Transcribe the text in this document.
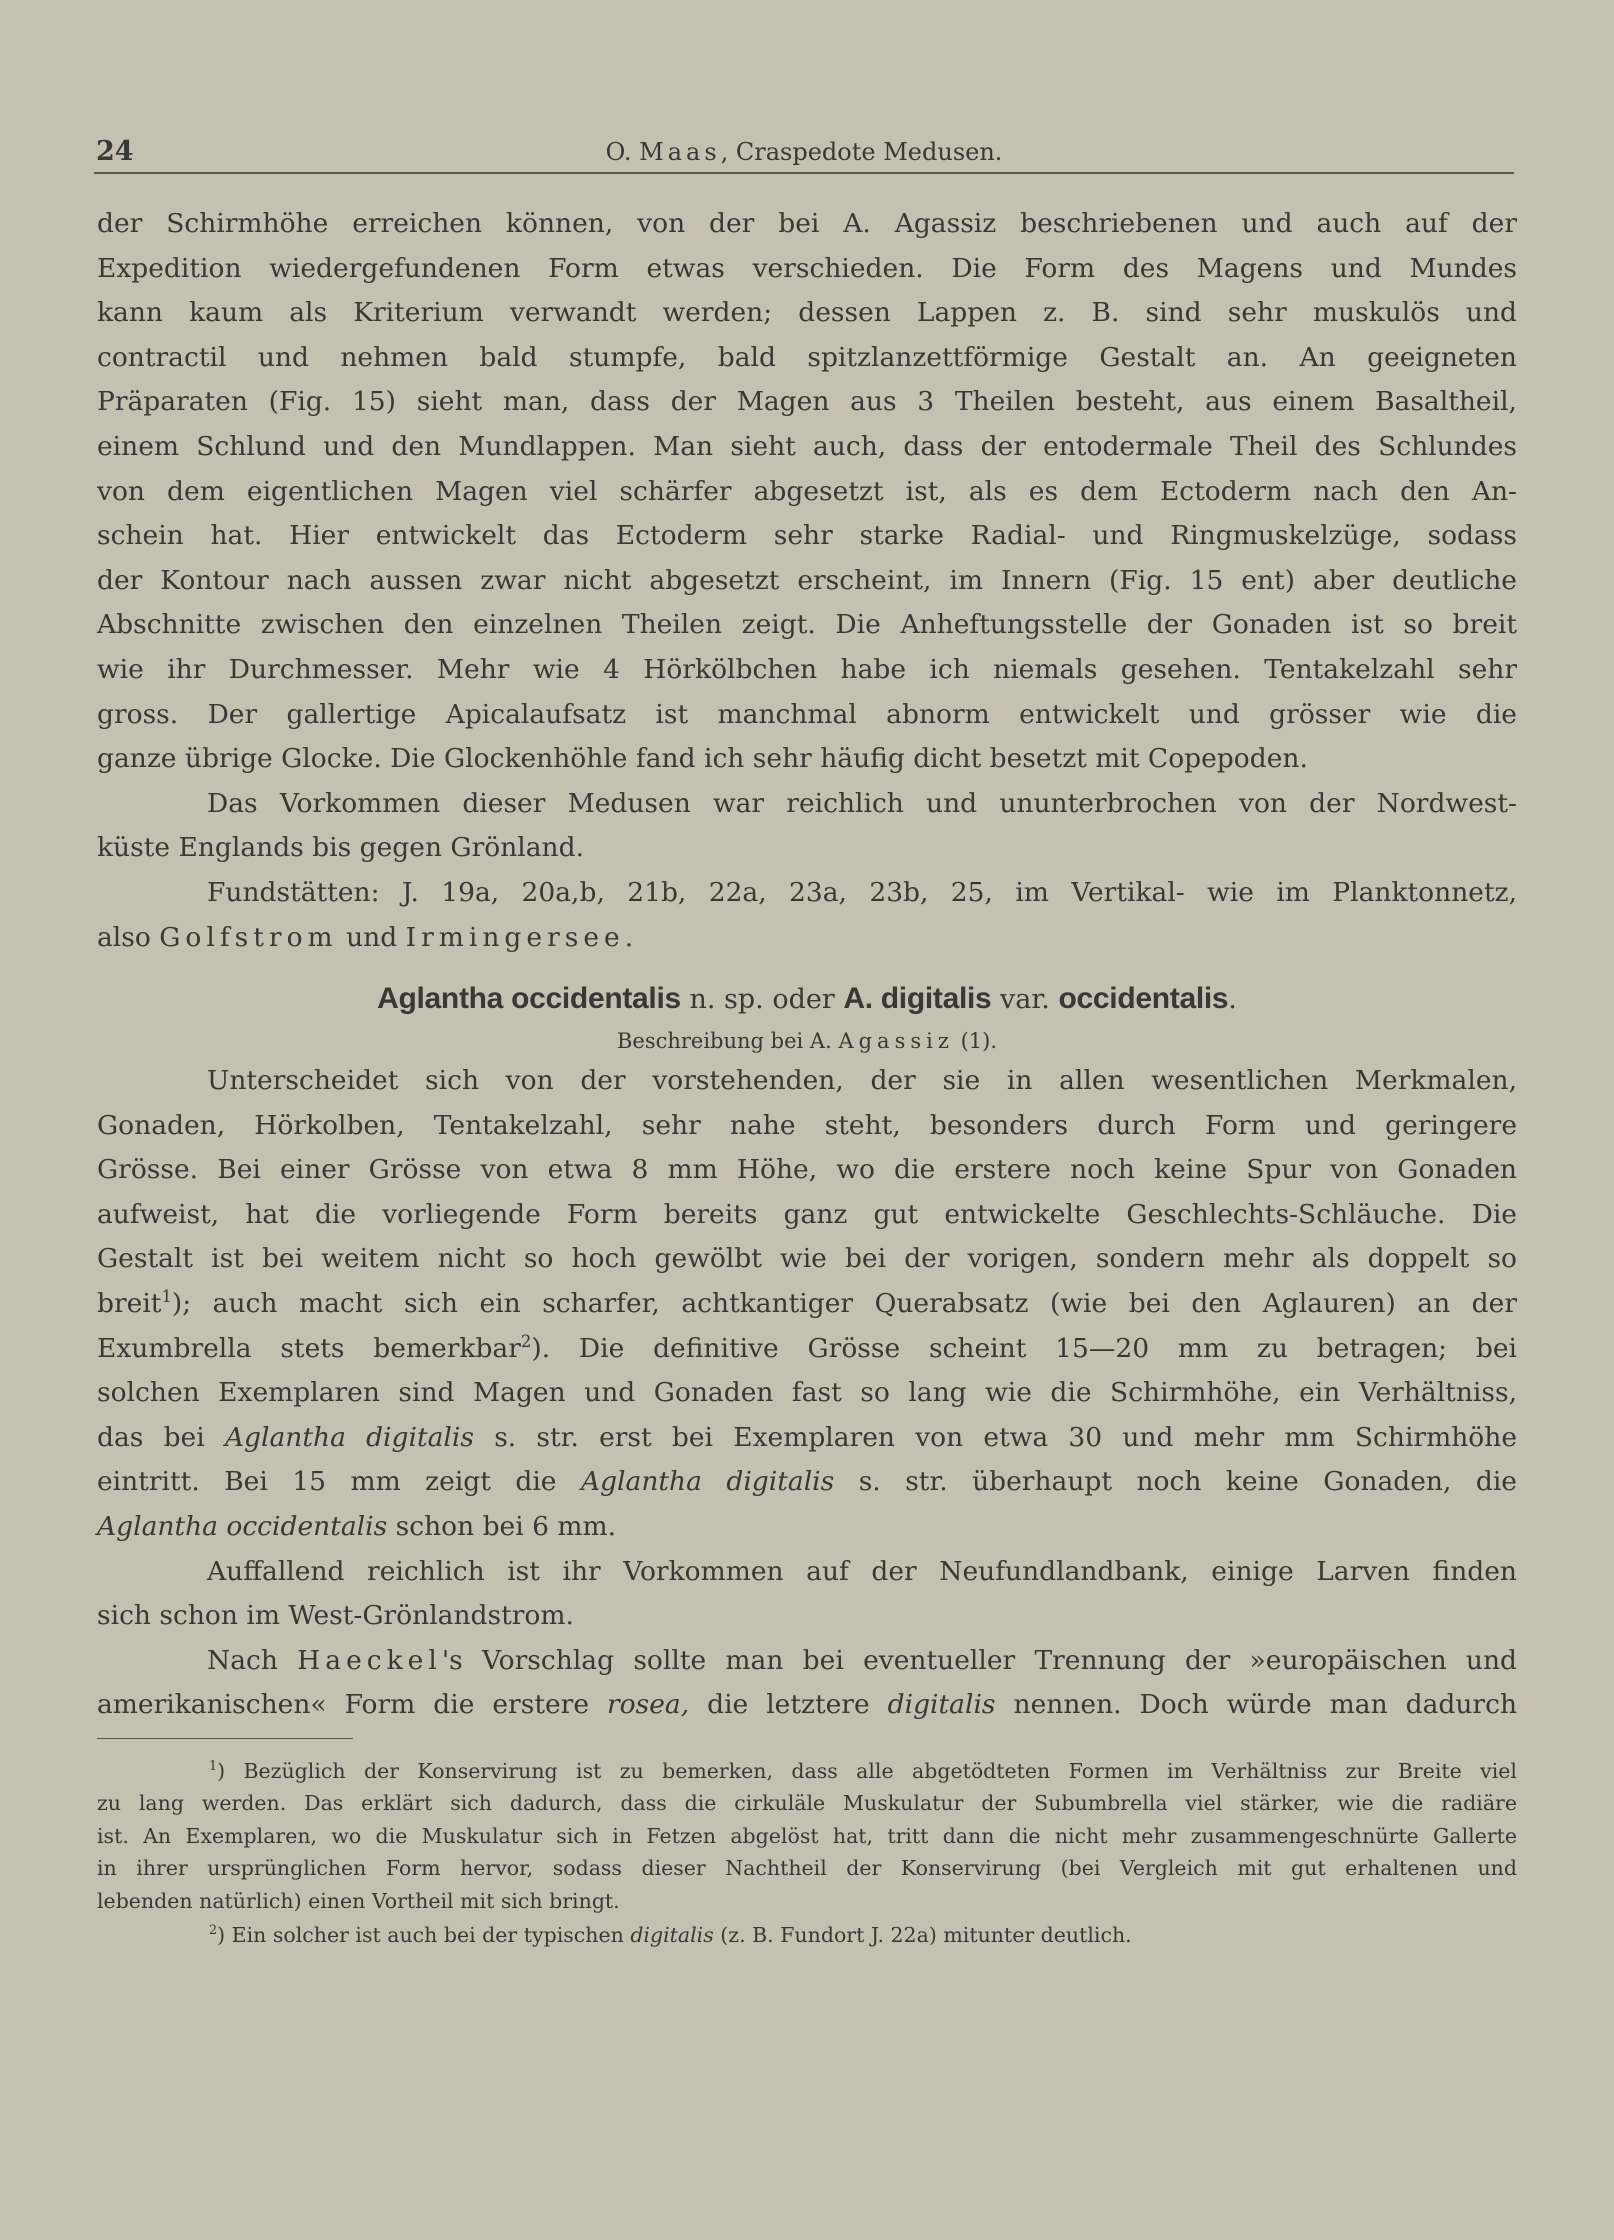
24	O. Maas, Craspedote Medusen.

der Schirmhöhe erreichen können, von der bei A. Agassiz beschriebenen und auch auf der

Expedition wiedergefundenen Form etwas verschieden. Die Form des Magens und Mundes

kann kaum als Kriterium verwandt werden; dessen Lappen z. B. sind sehr muskulös und

contractil und nehmen bald stumpfe, bald spitzlanzettförmige Gestalt an. An geeigneten

Präparaten (Fig. 15) sieht man, dass der Magen aus 3 Theilen besteht, aus einem Basaltheil,

einem Schlund und den Mundlappen. Man sieht auch, dass der entodermale Theil des Schlundes

von dem eigentlichen Magen viel schärfer abgesetzt ist, als es dem Ectoderm nach den An-

schein hat. Hier entwickelt das Ectoderm sehr starke Radial- und Ringmuskelzüge, sodass

der Kontour nach aussen zwar nicht abgesetzt erscheint, im Innern (Fig. 15 ent) aber deutliche

Abschnitte zwischen den einzelnen Theilen zeigt. Die Anheftungsstelle der Gonaden ist so breit

wie ihr Durchmesser. Mehr wie 4 Hörkölbchen habe ich niemals gesehen. Tentakelzahl sehr

gross. Der gallertige Apicalaufsatz ist manchmal abnorm entwickelt und grösser wie die

ganze übrige Glocke. Die Glockenhöhle fand ich sehr häufig dicht besetzt mit Copepoden.

Das Vorkommen dieser Medusen war reichlich und ununterbrochen von der Nordwest-

küste Englands bis gegen Grönland.

Fundstätten: J. 19a, 20a,b, 21b, 22a, 23a, 23b, 25, im Vertikal- wie im Planktonnetz,

also Golfstrom und Irmingersee.

Aglantha occidentalis n. sp. oder A. digitalis var. occidentalis.
Beschreibung bei A. Agassiz (1).

Unterscheidet sich von der vorstehenden, der sie in allen wesentlichen Merkmalen,

Gonaden, Hörkolben, Tentakelzahl, sehr nahe steht, besonders durch Form und geringere

Grösse. Bei einer Grösse von etwa 8 mm Höhe, wo die erstere noch keine Spur von Gonaden

aufweist, hat die vorliegende Form bereits ganz gut entwickelte Geschlechts-Schläuche. Die

Gestalt ist bei weitem nicht so hoch gewölbt wie bei der vorigen, sondern mehr als doppelt so

breit$^1$); auch macht sich ein scharfer, achtkantiger Querabsatz (wie bei den Aglauren) an der

Exumbrella stets bemerkbar$^2$). Die definitive Grösse scheint 15—20 mm zu betragen; bei

solchen Exemplaren sind Magen und Gonaden fast so lang wie die Schirmhöhe, ein Verhältniss,

das bei Aglantha digitalis s. str. erst bei Exemplaren von etwa 30 und mehr mm Schirmhöhe

eintritt. Bei 15 mm zeigt die Aglantha digitalis s. str. überhaupt noch keine Gonaden, die

Aglantha occidentalis schon bei 6 mm.

Auffallend reichlich ist ihr Vorkommen auf der Neufundlandbank, einige Larven finden

sich schon im West-Grönlandstrom.

Nach Haeckel's Vorschlag sollte man bei eventueller Trennung der »europäischen und

amerikanischen« Form die erstere rosea, die letztere digitalis nennen. Doch würde man dadurch

$^1$) Bezüglich der Konservirung ist zu bemerken, dass alle abgetödteten Formen im Verhältniss zur Breite viel

zu lang werden. Das erklärt sich dadurch, dass die cirkuläle Muskulatur der Subumbrella viel stärker, wie die radiäre

ist. An Exemplaren, wo die Muskulatur sich in Fetzen abgelöst hat, tritt dann die nicht mehr zusammengeschnürte Gallerte

in ihrer ursprünglichen Form hervor, sodass dieser Nachtheil der Konservirung (bei Vergleich mit gut erhaltenen und

lebenden natürlich) einen Vortheil mit sich bringt.

$^2$) Ein solcher ist auch bei der typischen digitalis (z. B. Fundort J. 22a) mitunter deutlich.
